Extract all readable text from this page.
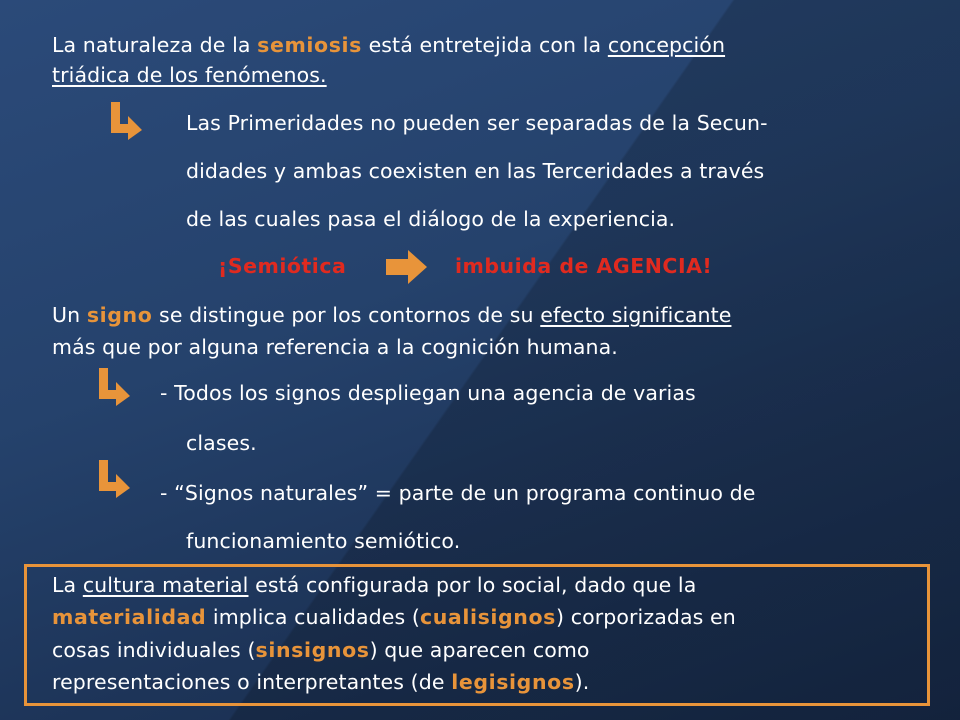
La naturaleza de la semiosis está entretejida con la concepción
triádica de los fenómenos.
Las Primeridades no pueden ser separadas de la Secun-
didades y ambas coexisten en las Terceridades a través
de las cuales pasa el diálogo de la experiencia.
¡Semiótica	imbuida de AGENCIA!
Un signo se distingue por los contornos de su efecto significante
más que por alguna referencia a la cognición humana.
- Todos los signos despliegan una agencia de varias
clases.
- “Signos naturales” = parte de un programa continuo de
funcionamiento semiótico.
La cultura material está configurada por lo social, dado que la
materialidad implica cualidades (cualisignos) corporizadas en
cosas individuales (sinsignos) que aparecen como
representaciones o interpretantes (de legisignos).
